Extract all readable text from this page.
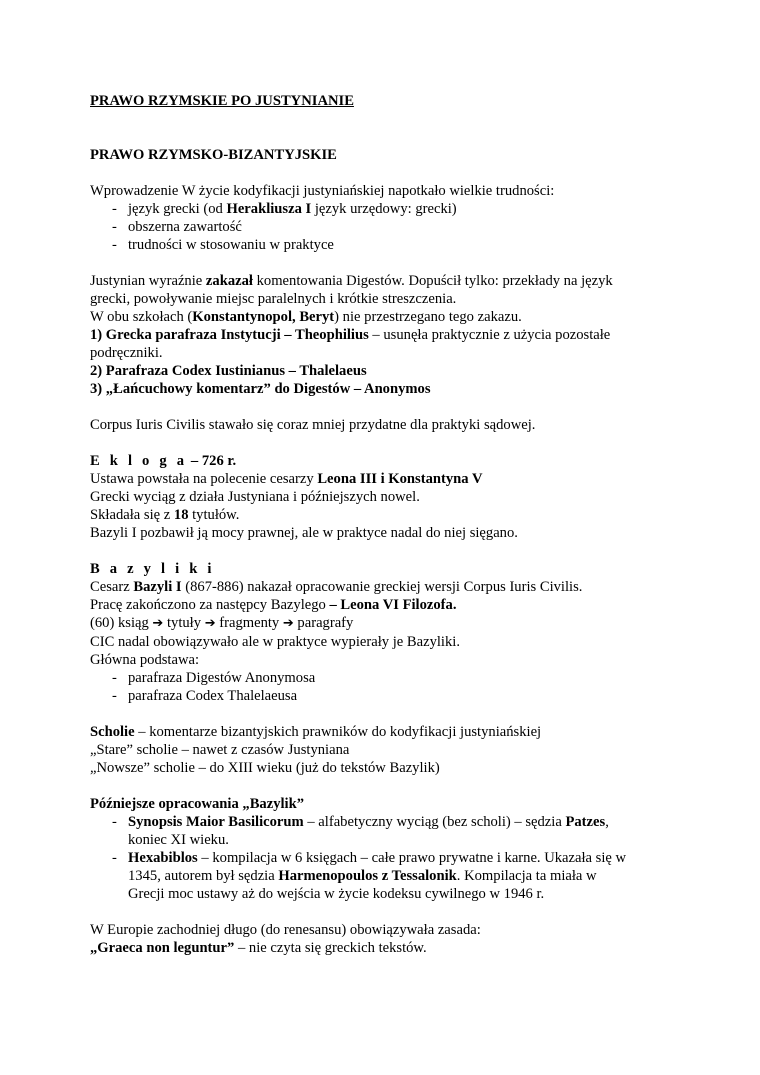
PRAWO RZYMSKIE PO JUSTYNIANIE
PRAWO RZYMSKO-BIZANTYJSKIE
Wprowadzenie W życie kodyfikacji justyniańskiej napotkało wielkie trudności:
- język grecki (od Herakliusza I język urzędowy: grecki)
- obszerna zawartość
- trudności w stosowaniu w praktyce
Justynian wyraźnie zakazał komentowania Digestów. Dopuścił tylko: przekłady na język
grecki, powoływanie miejsc paralelnych i krótkie streszczenia.
W obu szkołach (Konstantynopol, Beryt) nie przestrzegano tego zakazu.
1) Grecka parafraza Instytucji – Theophilius – usunęła praktycznie z użycia pozostałe
podręczniki.
2) Parafraza Codex Iustinianus – Thalelaeus
3) „Łańcuchowy komentarz” do Digestów – Anonymos
Corpus Iuris Civilis stawało się coraz mniej przydatne dla praktyki sądowej.
E k l o g a – 726 r.
Ustawa powstała na polecenie cesarzy Leona III i Konstantyna V
Grecki wyciąg z działa Justyniana i późniejszych nowel.
Składała się z 18 tytułów.
Bazyli I pozbawił ją mocy prawnej, ale w praktyce nadal do niej sięgano.
B a z y l i k i
Cesarz Bazyli I (867-886) nakazał opracowanie greckiej wersji Corpus Iuris Civilis.
Pracę zakończono za następcy Bazylego – Leona VI Filozofa.
(60) ksiąg ➔ tytuły ➔ fragmenty ➔ paragrafy
CIC nadal obowiązywało ale w praktyce wypierały je Bazyliki.
Główna podstawa:
- parafraza Digestów Anonymosa
- parafraza Codex Thalelaeusa
Scholie – komentarze bizantyjskich prawników do kodyfikacji justyniańskiej
„Stare” scholie – nawet z czasów Justyniana
„Nowsze” scholie – do XIII wieku (już do tekstów Bazylik)
Późniejsze opracowania „Bazylik”
- Synopsis Maior Basilicorum – alfabetyczny wyciąg (bez scholi) – sędzia Patzes,
koniec XI wieku.
- Hexabiblos – kompilacja w 6 księgach – całe prawo prywatne i karne. Ukazała się w
1345, autorem był sędzia Harmenopoulos z Tessalonik. Kompilacja ta miała w
Grecji moc ustawy aż do wejścia w życie kodeksu cywilnego w 1946 r.
W Europie zachodniej długo (do renesansu) obowiązywała zasada:
„Graeca non leguntur” – nie czyta się greckich tekstów.
